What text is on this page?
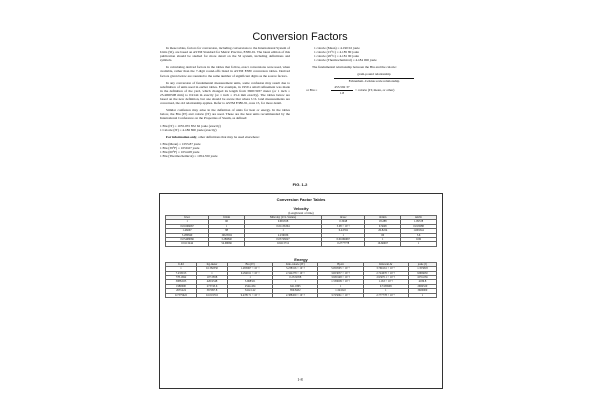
Conversion Factors

In these tables, factors for conversion, including conversions to the International System of Units (SI), are based on ASTM Standard for Metric Practice, E380-91. The latest edition of this publication should be studied for more detail on the SI system, including definitions and symbols.

In calculating derived factors in the tables that follow, exact conversions were used, when available, rather than the 7-digit round-offs listed in ASTM E380 conversion tables. Derived factors given below are rounded to the same number of significant digits as the source factors.

In any conversion of fundamental measurement units, some confusion may result due to redefinition of units used in earlier tables. For example, in 1959 a small refinement was made in the definition of the yard, which changed its length from 3600/3937 meter (or 1 inch = 25.4000508 mm) to 0.9144 m exactly (or 1 inch = 25.4 mm exactly). The tables below are based on the new definition, but one should be aware that where U.S. land measurements are concerned, the old relationship applies. Refer to ASTM E380-91, note 15, for more detail.

Similar confusion may arise in the definition of units for heat or energy. In the tables below, the Btu (IT) and calorie (IT) are used. These are the heat units recommended by the International Conference on the Properties of Steam, as defined:

1 Btu (IT) = 1055.055 852 62 joule (exactly)
1 Calorie (IT) = 4.186 800 joule (exactly)

For information only, other definitions that may be used elsewhere:

1 Btu (Mean) = 1055.87 joule
1 Btu (39°F) = 1059.67 joule
1 Btu (60°F) = 1054.68 joule
1 Btu (Thermochemical) = 1054.350 joule
1 calorie (Mean) = 4.190 02 joule
1 calorie (15°C) = 4.185 80 joule
1 calorie (20°C) = 4.181 90 joule
1 calorie (Thermochemical) = 4.184 000 joule

The fundamental relationship between the Btu and the calorie:

gram-pound relationship
Fahrenheit–Celsius scale relationship
or Btu =	$\frac{453.592 37}{1.8}$ × calorie (IT, mean, or other)
FIG. 1-2
Conversion Factor Tables
Velocity
(Length/unit of time)
ft/sec	ft/min	Mile/day (U.S. Statute)	m/sec	m/min	km/hr
1	60	0.681818	0.3048	18.288	1.09728
0.01666667	1	0.01136364	5.08 × 10⁻³	0.3048	0.018288
1.46667	88	1	0.44704	26.8224	1.609344
3.280840	196.8504	2.236936	1	60	3.6
0.05468066	3.280840	0.03728227	0.01666667	1	0.06
0.9113444	54.68066	0.6213712	0.2777778	16.66667	1
Energy
ft-lbf	Kg-meter	Btu (IT)	Kilo-calorie (IT)	Hp-hr	Kilowatt-hr	joule (J)
1	0.1382550	1.285067 × 10⁻³	3.238316 × 10⁻⁴	5.050505 × 10⁻⁷	3.766161 × 10⁻⁷	1.355818
7.233013	1	9.294911 × 10⁻³	2.342278 × 10⁻³	3.653037 × 10⁻⁶	2.724070 × 10⁻⁶	9.806650
778.1692	107.5858	1	0.2519958	3.930148 × 10⁻⁴	2.930711 × 10⁻⁴	1055.056
3088.025	426.9348	3.968321	1	1.559609 × 10⁻³	1.163 × 10⁻³	4186.8
1980000	273745.6	2544.434	641.1865	1	0.7456999	2684520
2655224	367097.8	3412.142	859.8452	1.341022	1	3600000
0.7375622	0.1019716	9.478171 × 10⁻⁴	2.388459 × 10⁻⁴	3.725061 × 10⁻⁷	2.777778 × 10⁻⁷	1
1-8
